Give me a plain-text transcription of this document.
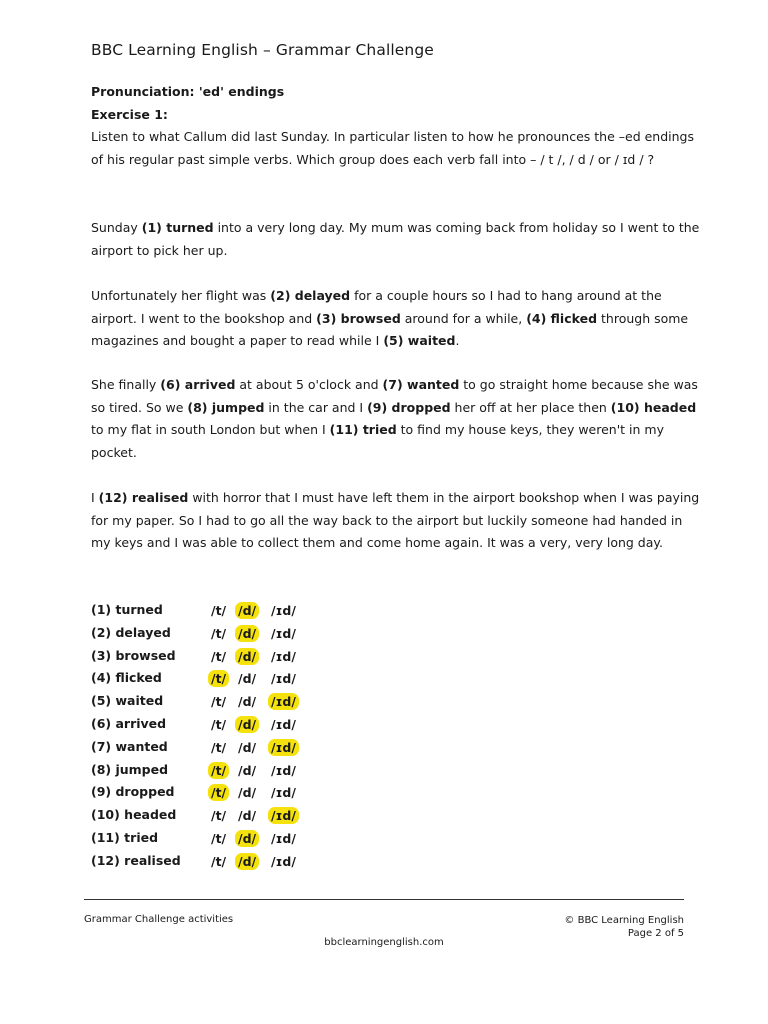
BBC Learning English – Grammar Challenge
Pronunciation: 'ed' endings
Exercise 1:

Listen to what Callum did last Sunday. In particular listen to how he pronounces the –ed endings of his regular past simple verbs. Which group does each verb fall into – / t /, / d / or / ɪd / ?

Sunday (1) turned into a very long day. My mum was coming back from holiday so I went to the airport to pick her up.

Unfortunately her flight was (2) delayed for a couple hours so I had to hang around at the airport. I went to the bookshop and (3) browsed around for a while, (4) flicked through some magazines and bought a paper to read while I (5) waited.

She finally (6) arrived at about 5 o'clock and (7) wanted to go straight home because she was so tired. So we (8) jumped in the car and I (9) dropped her off at her place then (10) headed to my flat in south London but when I (11) tried to find my house keys, they weren't in my pocket.

I (12) realised with horror that I must have left them in the airport bookshop when I was paying for my paper. So I had to go all the way back to the airport but luckily someone had handed in my keys and I was able to collect them and come home again. It was a very, very long day.

(1) turned	/t/ /d/ /ɪd/
(2) delayed	/t/ /d/ /ɪd/
(3) browsed	/t/ /d/ /ɪd/
(4) flicked	/t/ /d/ /ɪd/
(5) waited	/t/ /d/ /ɪd/
(6) arrived	/t/ /d/ /ɪd/
(7) wanted	/t/ /d/ /ɪd/
(8) jumped	/t/ /d/ /ɪd/
(9) dropped	/t/ /d/ /ɪd/
(10) headed	/t/ /d/ /ɪd/
(11) tried	/t/ /d/ /ɪd/
(12) realised /t/ /d/ /ɪd/
Grammar Challenge activities	© BBC Learning English
Page 2 of 5
bbclearningenglish.com
